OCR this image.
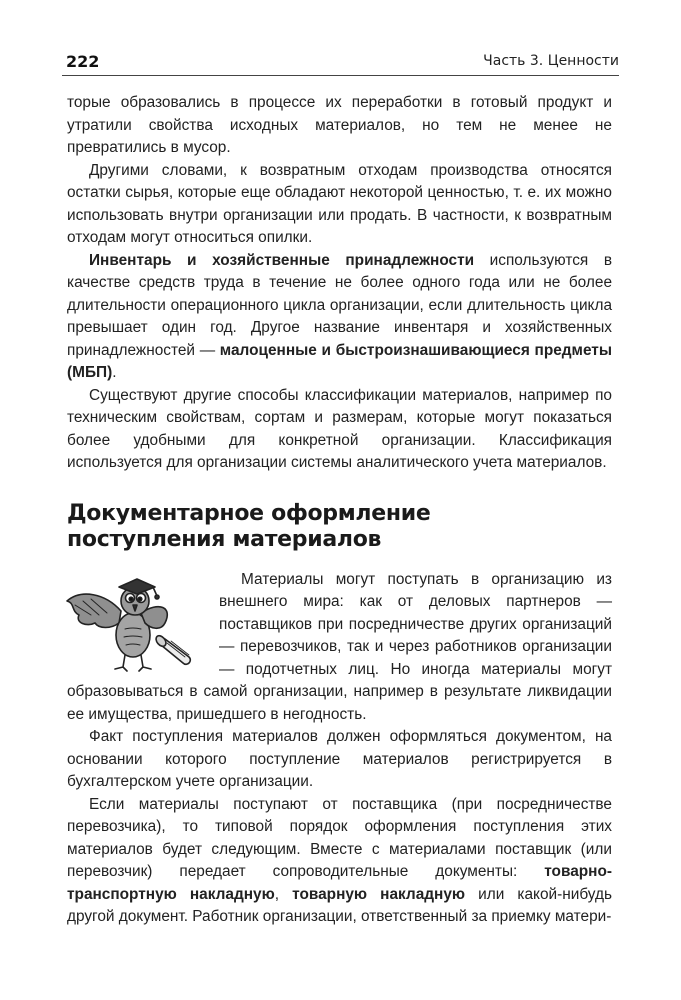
222	Часть 3. Ценности

торые образовались в процессе их переработки в готовый продукт и утратили свойства исходных материалов, но тем не менее не превратились в мусор.

Другими словами, к возвратным отходам производства относятся остатки сырья, которые еще обладают некоторой ценностью, т. е. их можно использовать внутри организации или продать. В частности, к возвратным отходам могут относиться опилки.

Инвентарь и хозяйственные принадлежности используются в качестве средств труда в течение не более одного года или не более длительности операционного цикла организации, если длительность цикла превышает один год. Другое название инвентаря и хозяйственных принадлежностей — малоценные и быстроизнашивающиеся предметы (МБП).

Существуют другие способы классификации материалов, например по техническим свойствам, сортам и размерам, которые могут показаться более удобными для конкретной организации. Классификация используется для организации системы аналитического учета материалов.

Документарное оформление
поступления материалов

Материалы могут поступать в организацию из внешнего мира: как от деловых партнеров — поставщиков при посредничестве других организаций — перевозчиков, так и через работников организации — подотчетных лиц. Но иногда материалы могут образовываться в самой организации, например в результате ликвидации ее имущества, пришедшего в негодность.

Факт поступления материалов должен оформляться документом, на основании которого поступление материалов регистрируется в бухгалтерском учете организации.

Если материалы поступают от поставщика (при посредничестве перевозчика), то типовой порядок оформления поступления этих материалов будет следующим. Вместе с материалами поставщик (или перевозчик) передает сопроводительные документы: товарно-транспортную накладную, товарную накладную или какой-нибудь другой документ. Работник организации, ответственный за приемку матери-
